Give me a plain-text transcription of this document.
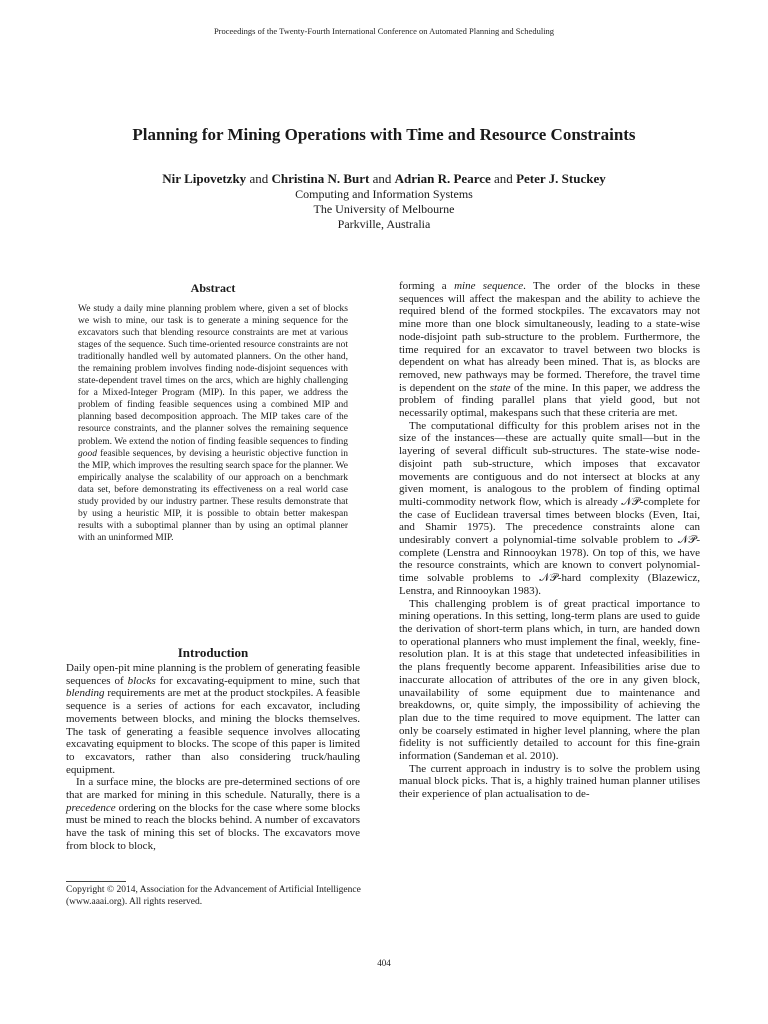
Proceedings of the Twenty-Fourth International Conference on Automated Planning and Scheduling
Planning for Mining Operations with Time and Resource Constraints
Nir Lipovetzky and Christina N. Burt and Adrian R. Pearce and Peter J. Stuckey
Computing and Information Systems
The University of Melbourne
Parkville, Australia
Abstract
We study a daily mine planning problem where, given a set of blocks we wish to mine, our task is to generate a mining sequence for the excavators such that blending resource constraints are met at various stages of the sequence. Such time-oriented resource constraints are not traditionally handled well by automated planners. On the other hand, the remaining problem involves finding node-disjoint sequences with state-dependent travel times on the arcs, which are highly challenging for a Mixed-Integer Program (MIP). In this paper, we address the problem of finding feasible sequences using a combined MIP and planning based decomposition approach. The MIP takes care of the resource constraints, and the planner solves the remaining sequence problem. We extend the notion of finding feasible sequences to finding good feasible sequences, by devising a heuristic objective function in the MIP, which improves the resulting search space for the planner. We empirically analyse the scalability of our approach on a benchmark data set, before demonstrating its effectiveness on a real world case study provided by our industry partner. These results demonstrate that by using a heuristic MIP, it is possible to obtain better makespan results with a suboptimal planner than by using an optimal planner with an uninformed MIP.
Introduction

Daily open-pit mine planning is the problem of generating feasible sequences of blocks for excavating-equipment to mine, such that blending requirements are met at the product stockpiles. A feasible sequence is a series of actions for each excavator, including movements between blocks, and mining the blocks themselves. The task of generating a feasible sequence involves allocating excavating equipment to blocks. The scope of this paper is limited to excavators, rather than also considering truck/hauling equipment.

In a surface mine, the blocks are pre-determined sections of ore that are marked for mining in this schedule. Naturally, there is a precedence ordering on the blocks for the case where some blocks must be mined to reach the blocks behind. A number of excavators have the task of mining this set of blocks. The excavators move from block to block,

Copyright © 2014, Association for the Advancement of Artificial Intelligence (www.aaai.org). All rights reserved.

forming a mine sequence. The order of the blocks in these sequences will affect the makespan and the ability to achieve the required blend of the formed stockpiles. The excavators may not mine more than one block simultaneously, leading to a state-wise node-disjoint path sub-structure to the problem. Furthermore, the time required for an excavator to travel between two blocks is dependent on what has already been mined. That is, as blocks are removed, new pathways may be formed. Therefore, the travel time is dependent on the state of the mine. In this paper, we address the problem of finding parallel plans that yield good, but not necessarily optimal, makespans such that these criteria are met.

The computational difficulty for this problem arises not in the size of the instances—these are actually quite small—but in the layering of several difficult sub-structures. The state-wise node-disjoint path sub-structure, which imposes that excavator movements are contiguous and do not intersect at blocks at any given moment, is analogous to the problem of finding optimal multi-commodity network flow, which is already 𝒩𝒫-complete for the case of Euclidean traversal times between blocks (Even, Itai, and Shamir 1975). The precedence constraints alone can undesirably convert a polynomial-time solvable problem to 𝒩𝒫-complete (Lenstra and Rinnooykan 1978). On top of this, we have the resource constraints, which are known to convert polynomial-time solvable problems to 𝒩𝒫-hard complexity (Blazewicz, Lenstra, and Rinnooykan 1983).

This challenging problem is of great practical importance to mining operations. In this setting, long-term plans are used to guide the derivation of short-term plans which, in turn, are handed down to operational planners who must implement the final, weekly, fine-resolution plan. It is at this stage that undetected infeasibilities in the plans frequently become apparent. Infeasibilities arise due to inaccurate allocation of attributes of the ore in any given block, unavailability of some equipment due to maintenance and breakdowns, or, quite simply, the impossibility of achieving the plan due to the time required to move equipment. The latter can only be coarsely estimated in higher level planning, where the plan fidelity is not sufficiently detailed to account for this fine-grain information (Sandeman et al. 2010).

The current approach in industry is to solve the problem using manual block picks. That is, a highly trained human planner utilises their experience of plan actualisation to de-

404
